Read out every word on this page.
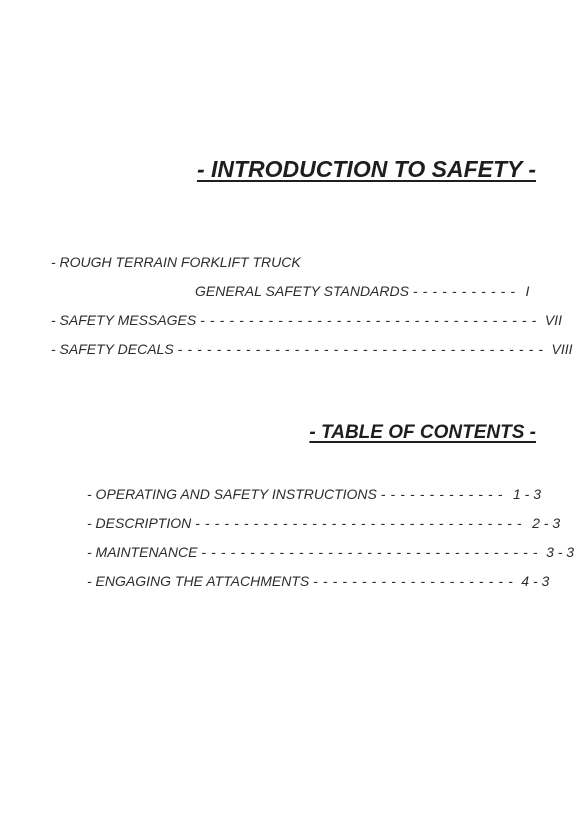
- INTRODUCTION TO SAFETY -

- ROUGH TERRAIN FORKLIFT TRUCK

GENERAL SAFETY STANDARDS - - - - - - - - - - - I

- SAFETY MESSAGES - - - - - - - - - - - - - - - - - - - - - - - - - - - - - - - - - - - VII

- SAFETY DECALS - - - - - - - - - - - - - - - - - - - - - - - - - - - - - - - - - - - - - - VIII

- TABLE OF CONTENTS -

- OPERATING AND SAFETY INSTRUCTIONS - - - - - - - - - - - - - 1 - 3

- DESCRIPTION - - - - - - - - - - - - - - - - - - - - - - - - - - - - - - - - - - 2 - 3

- MAINTENANCE - - - - - - - - - - - - - - - - - - - - - - - - - - - - - - - - - - - 3 - 3

- ENGAGING THE ATTACHMENTS - - - - - - - - - - - - - - - - - - - - - 4 - 3
